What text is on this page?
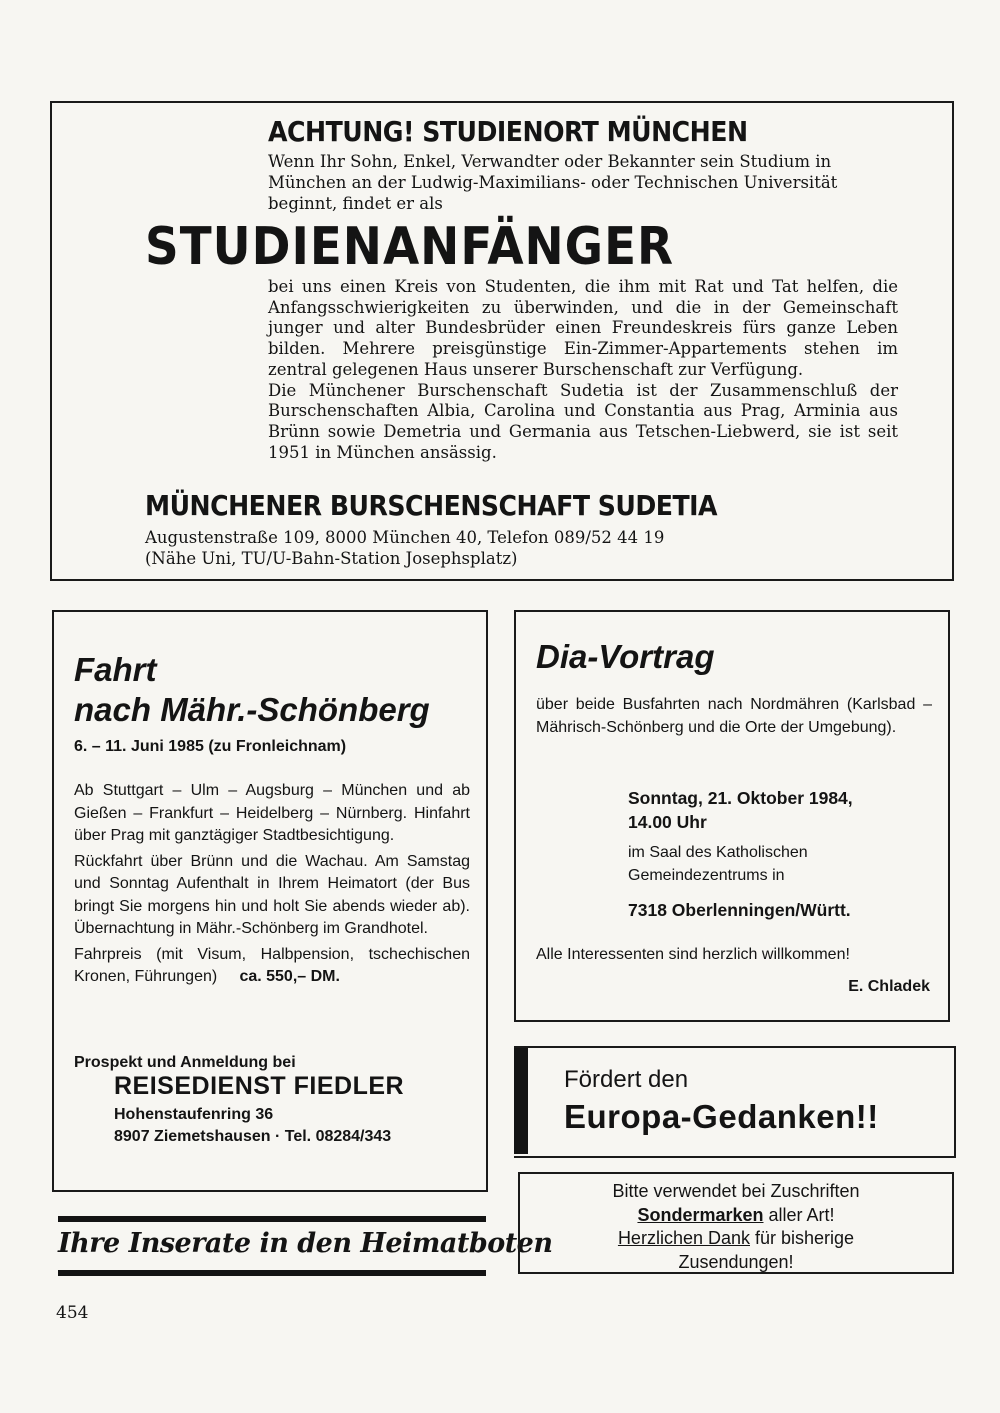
ACHTUNG! STUDIENORT MÜNCHEN
Wenn Ihr Sohn, Enkel, Verwandter oder Bekannter sein Studium in München an der Ludwig-Maximilians- oder Technischen Universität beginnt, findet er als
STUDIENANFÄNGER

bei uns einen Kreis von Studenten, die ihm mit Rat und Tat helfen, die Anfangsschwierigkeiten zu überwinden, und die in der Gemeinschaft junger und alter Bundesbrüder einen Freundeskreis fürs ganze Leben bilden. Mehrere preisgünstige Ein-Zimmer-Appartements stehen im zentral gelegenen Haus unserer Burschenschaft zur Verfügung.

Die Münchener Burschenschaft Sudetia ist der Zusammenschluß der Burschenschaften Albia, Carolina und Constantia aus Prag, Arminia aus Brünn sowie Demetria und Germania aus Tetschen-Liebwerd, sie ist seit 1951 in München ansässig.

MÜNCHENER BURSCHENSCHAFT SUDETIA
Augustenstraße 109, 8000 München 40, Telefon 089/52 44 19
(Nähe Uni, TU/U-Bahn-Station Josephsplatz)
Fahrt
nach Mähr.-Schönberg
6. – 11. Juni 1985 (zu Fronleichnam)

Ab Stuttgart – Ulm – Augsburg – München und ab Gießen – Frankfurt – Heidelberg – Nürnberg. Hinfahrt über Prag mit ganztägiger Stadtbesichtigung.

Rückfahrt über Brünn und die Wachau. Am Samstag und Sonntag Aufenthalt in Ihrem Heimatort (der Bus bringt Sie morgens hin und holt Sie abends wieder ab). Übernachtung in Mähr.-Schönberg im Grandhotel.

Fahrpreis (mit Visum, Halbpension, tschechischen Kronen, Führungen) ca. 550,– DM.

Prospekt und Anmeldung bei
REISEDIENST FIEDLER
Hohenstaufenring 36
8907 Ziemetshausen · Tel. 08284/343
Ihre Inserate in den Heimatboten
Dia-Vortrag
über beide Busfahrten nach Nordmähren (Karlsbad – Mährisch-Schönberg und die Orte der Umgebung).
Sonntag, 21. Oktober 1984,
14.00 Uhr
im Saal des Katholischen Gemeindezentrums in
7318 Oberlenningen/Württ.
Alle Interessenten sind herzlich willkommen!
E. Chladek
Fördert den
Europa-Gedanken!!
Bitte verwendet bei Zuschriften
Sondermarken aller Art!
Herzlichen Dank für bisherige
Zusendungen!
454
